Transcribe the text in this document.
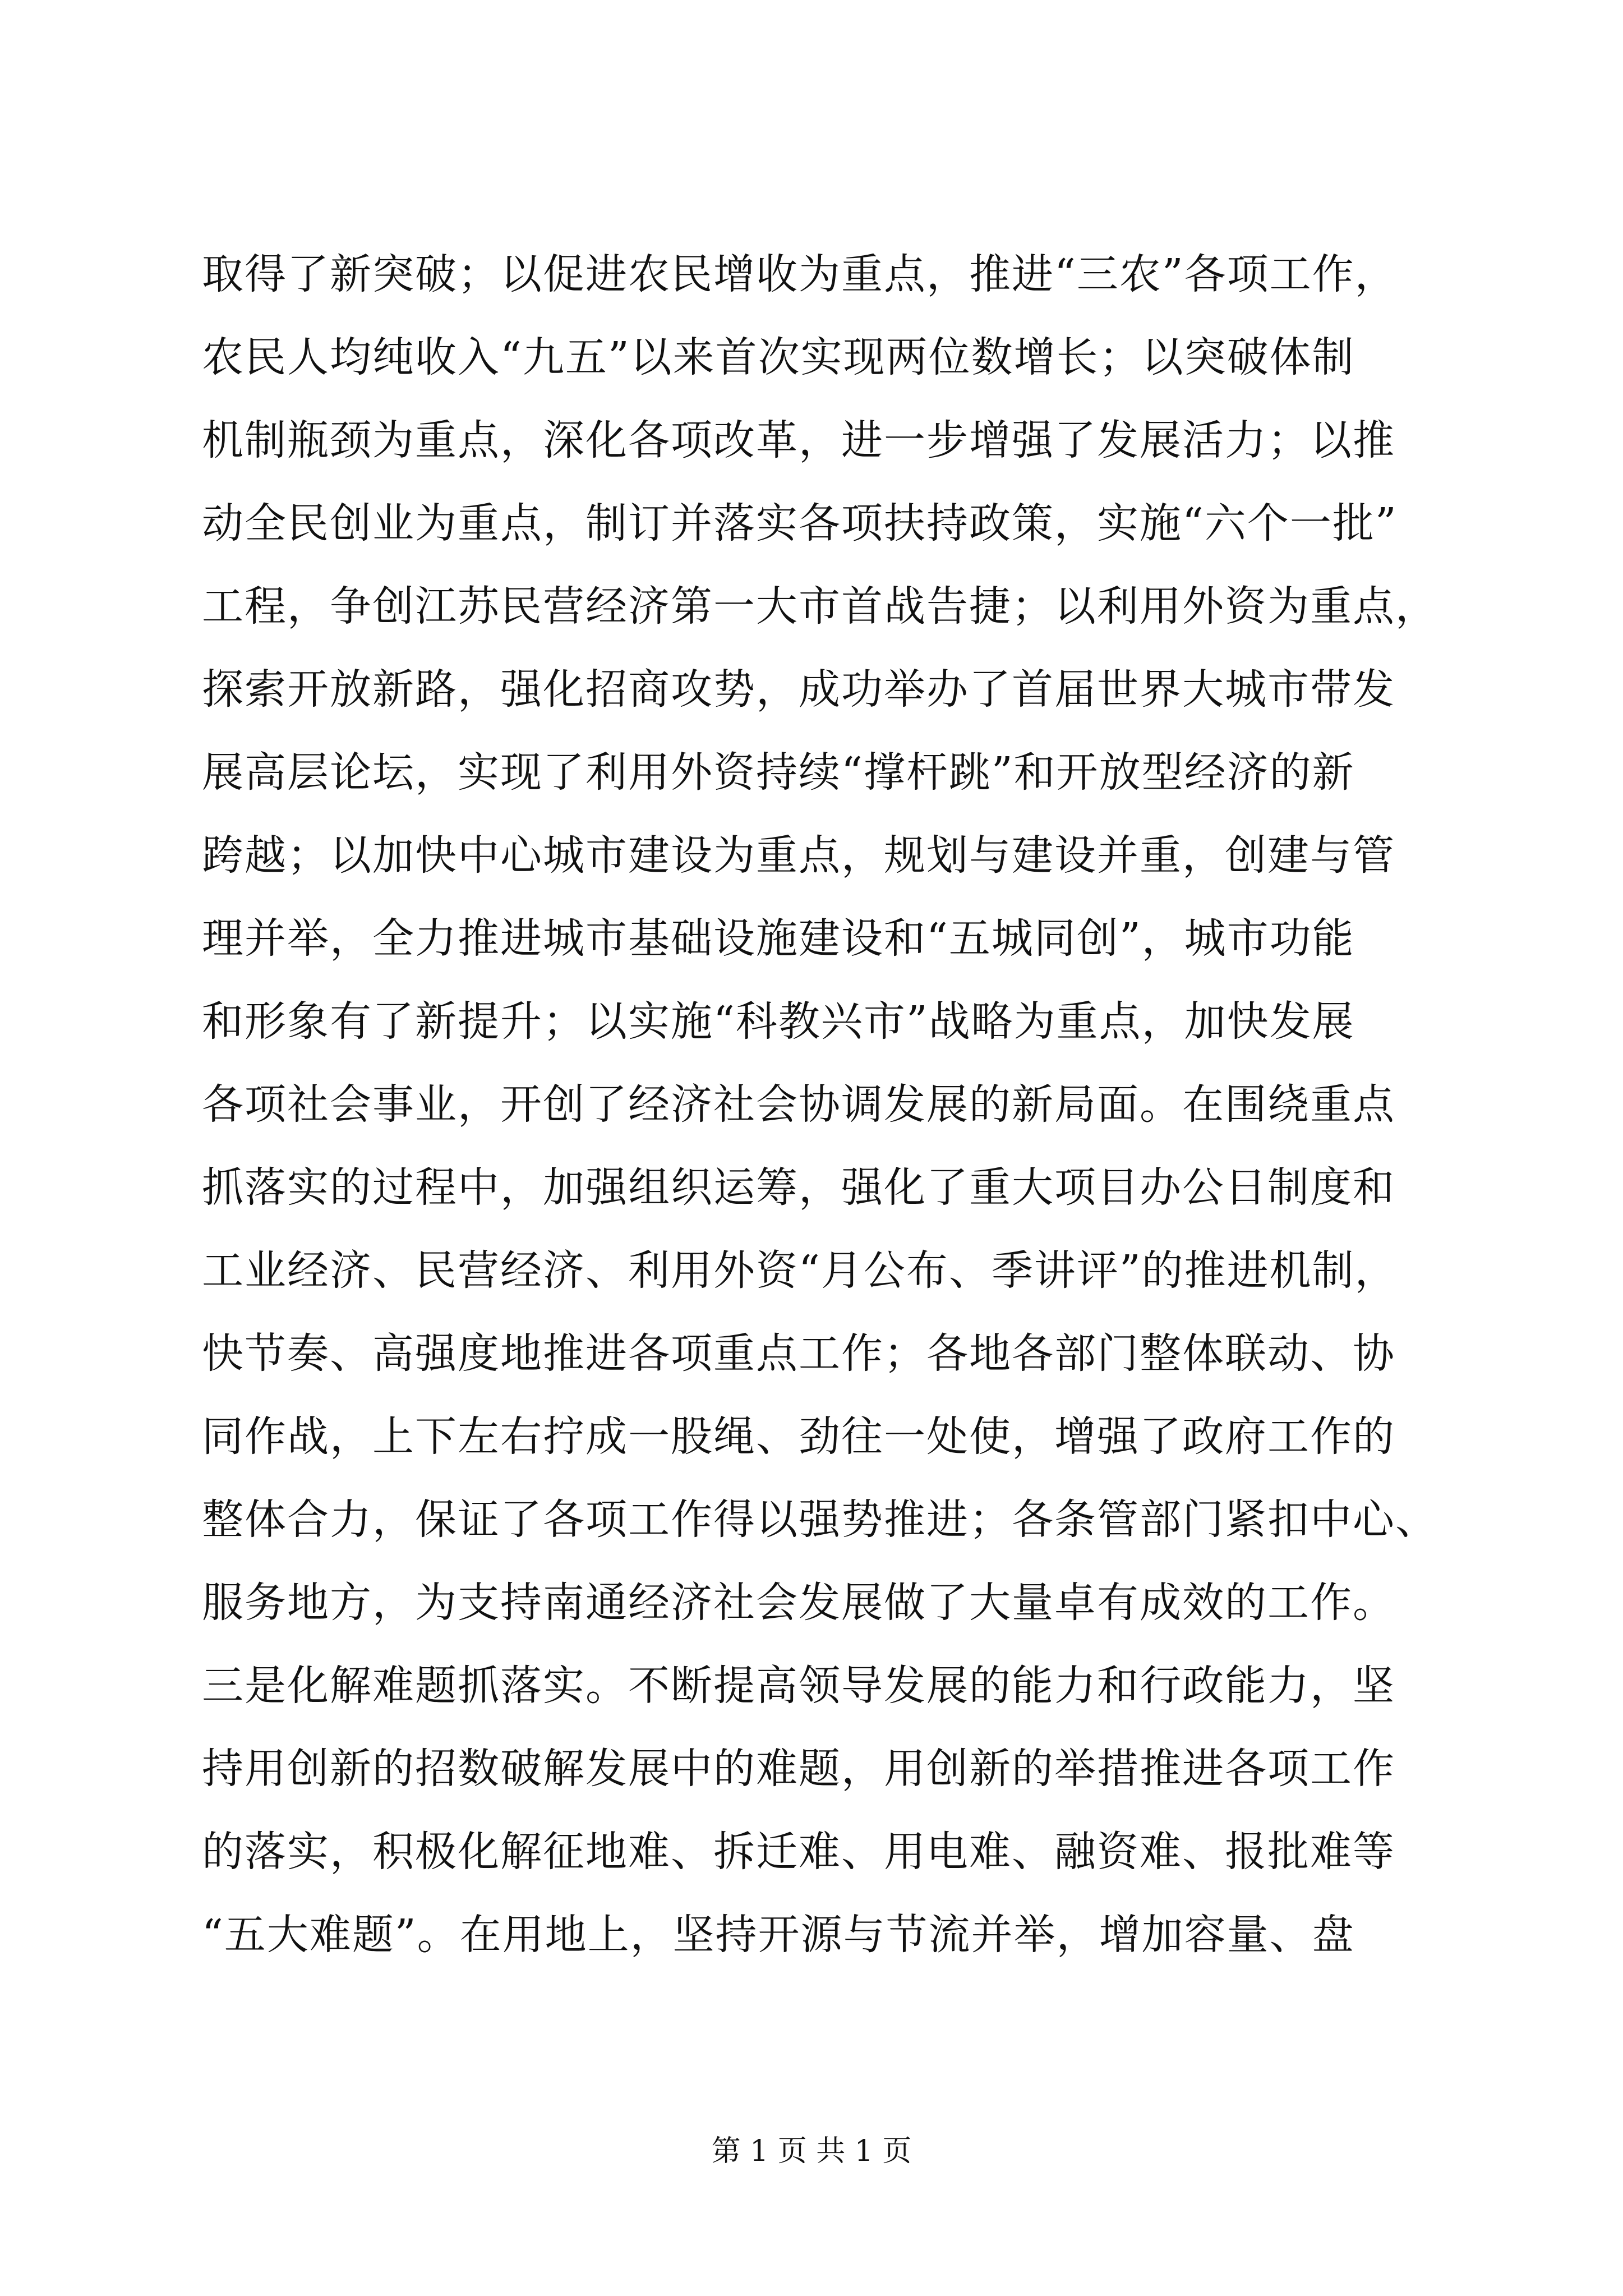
取得了新突破；以促进农民增收为重点，推进“三农”各项工作，
农民人均纯收入“九五”以来首次实现两位数增长；以突破体制
机制瓶颈为重点，深化各项改革，进一步增强了发展活力；以推
动全民创业为重点，制订并落实各项扶持政策，实施“六个一批”
工程，争创江苏民营经济第一大市首战告捷；以利用外资为重点，
探索开放新路，强化招商攻势，成功举办了首届世界大城市带发
展高层论坛，实现了利用外资持续“撑杆跳”和开放型经济的新
跨越；以加快中心城市建设为重点，规划与建设并重，创建与管
理并举，全力推进城市基础设施建设和“五城同创”，城市功能
和形象有了新提升；以实施“科教兴市”战略为重点，加快发展
各项社会事业，开创了经济社会协调发展的新局面。在围绕重点
抓落实的过程中，加强组织运筹，强化了重大项目办公日制度和
工业经济、民营经济、利用外资“月公布、季讲评”的推进机制，
快节奏、高强度地推进各项重点工作；各地各部门整体联动、协
同作战，上下左右拧成一股绳、劲往一处使，增强了政府工作的
整体合力，保证了各项工作得以强势推进；各条管部门紧扣中心、
服务地方，为支持南通经济社会发展做了大量卓有成效的工作。
三是化解难题抓落实。不断提高领导发展的能力和行政能力，坚
持用创新的招数破解发展中的难题，用创新的举措推进各项工作
的落实，积极化解征地难、拆迁难、用电难、融资难、报批难等
“五大难题”。在用地上，坚持开源与节流并举，增加容量、盘
第 1 页 共 1 页
